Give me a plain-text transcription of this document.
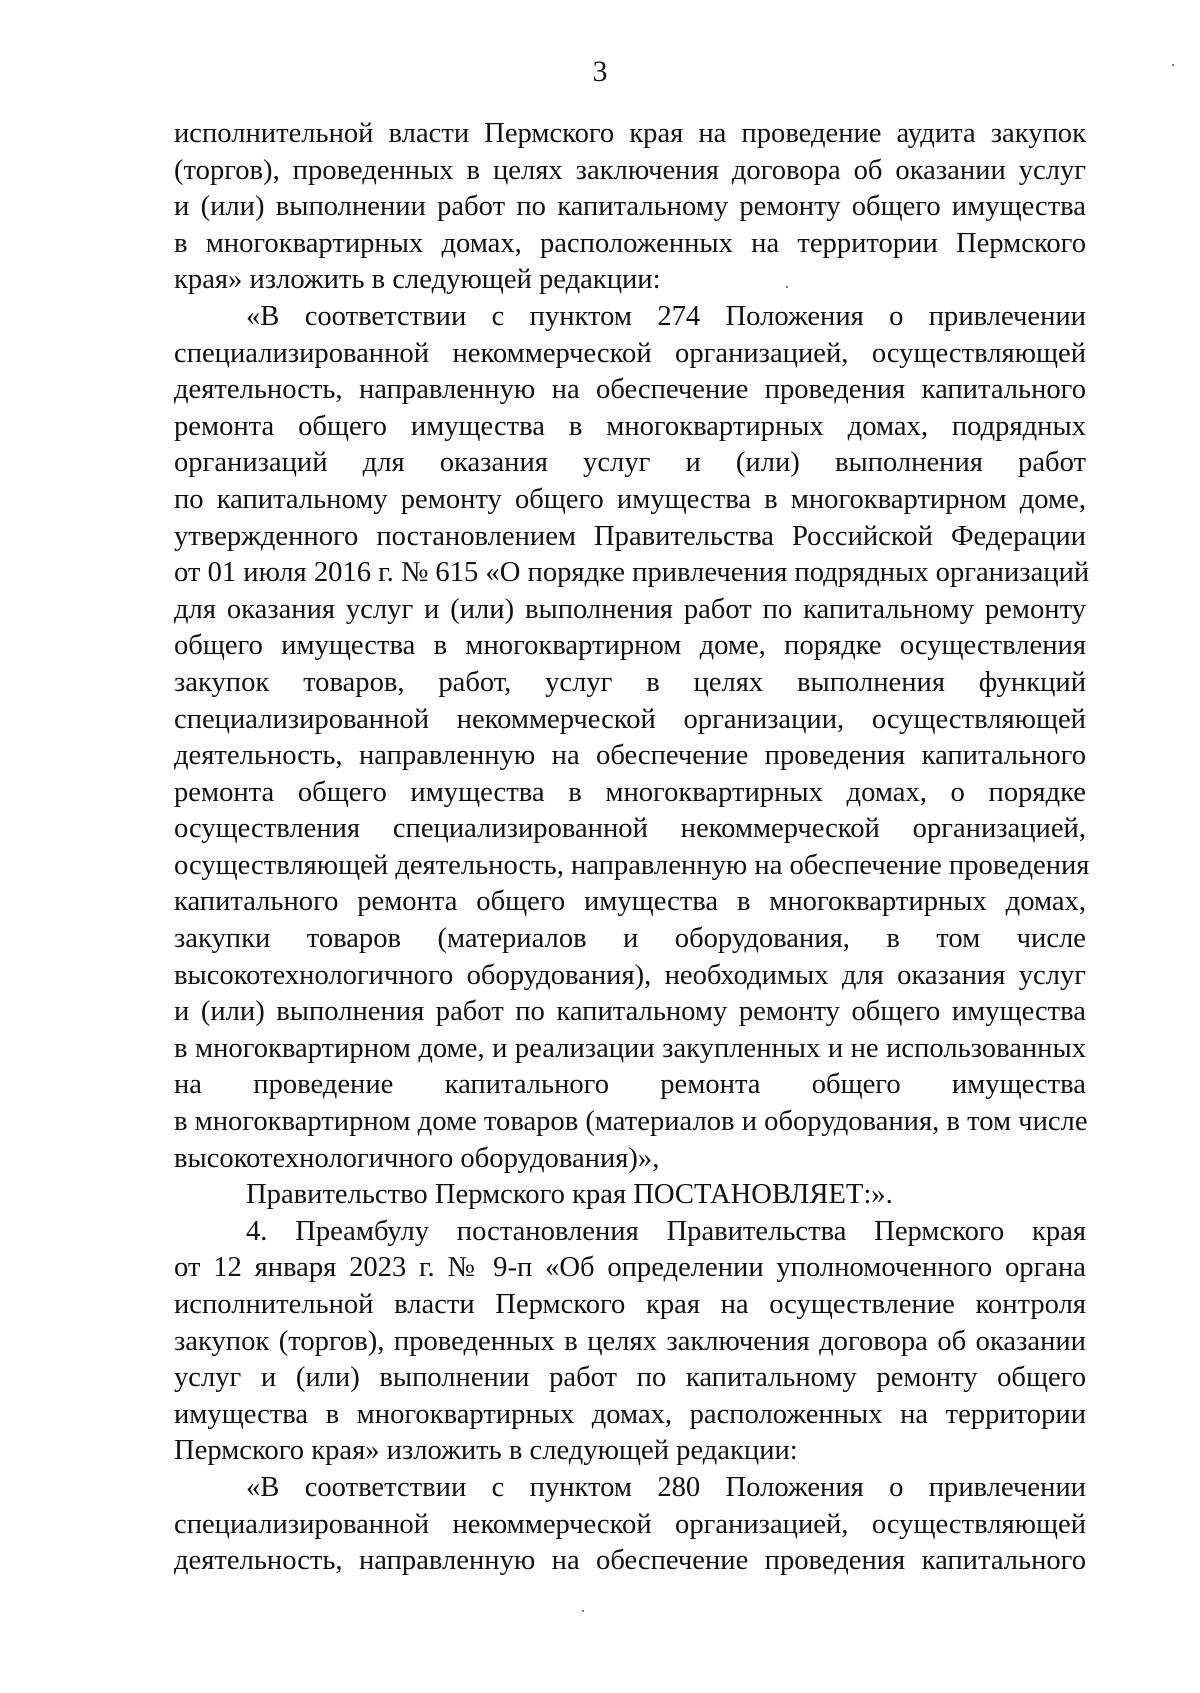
3
исполнительной власти Пермского края на проведение аудита закупок
(торгов), проведенных в целях заключения договора об оказании услуг
и (или) выполнении работ по капитальному ремонту общего имущества
в многоквартирных домах, расположенных на территории Пермского
края» изложить в следующей редакции:
«В соответствии с пунктом 274 Положения о привлечении
специализированной некоммерческой организацией, осуществляющей
деятельность, направленную на обеспечение проведения капитального
ремонта общего имущества в многоквартирных домах, подрядных
организаций для оказания услуг и (или) выполнения работ
по капитальному ремонту общего имущества в многоквартирном доме,
утвержденного постановлением Правительства Российской Федерации
от 01 июля 2016 г. № 615 «О порядке привлечения подрядных организаций
для оказания услуг и (или) выполнения работ по капитальному ремонту
общего имущества в многоквартирном доме, порядке осуществления
закупок товаров, работ, услуг в целях выполнения функций
специализированной некоммерческой организации, осуществляющей
деятельность, направленную на обеспечение проведения капитального
ремонта общего имущества в многоквартирных домах, о порядке
осуществления специализированной некоммерческой организацией,
осуществляющей деятельность, направленную на обеспечение проведения
капитального ремонта общего имущества в многоквартирных домах,
закупки товаров (материалов и оборудования, в том числе
высокотехнологичного оборудования), необходимых для оказания услуг
и (или) выполнения работ по капитальному ремонту общего имущества
в многоквартирном доме, и реализации закупленных и не использованных
на проведение капитального ремонта общего имущества
в многоквартирном доме товаров (материалов и оборудования, в том числе
высокотехнологичного оборудования)»,
Правительство Пермского края ПОСТАНОВЛЯЕТ:».
4. Преамбулу постановления Правительства Пермского края
от 12 января 2023 г. № 9-п «Об определении уполномоченного органа
исполнительной власти Пермского края на осуществление контроля
закупок (торгов), проведенных в целях заключения договора об оказании
услуг и (или) выполнении работ по капитальному ремонту общего
имущества в многоквартирных домах, расположенных на территории
Пермского края» изложить в следующей редакции:
«В соответствии с пунктом 280 Положения о привлечении
специализированной некоммерческой организацией, осуществляющей
деятельность, направленную на обеспечение проведения капитального
